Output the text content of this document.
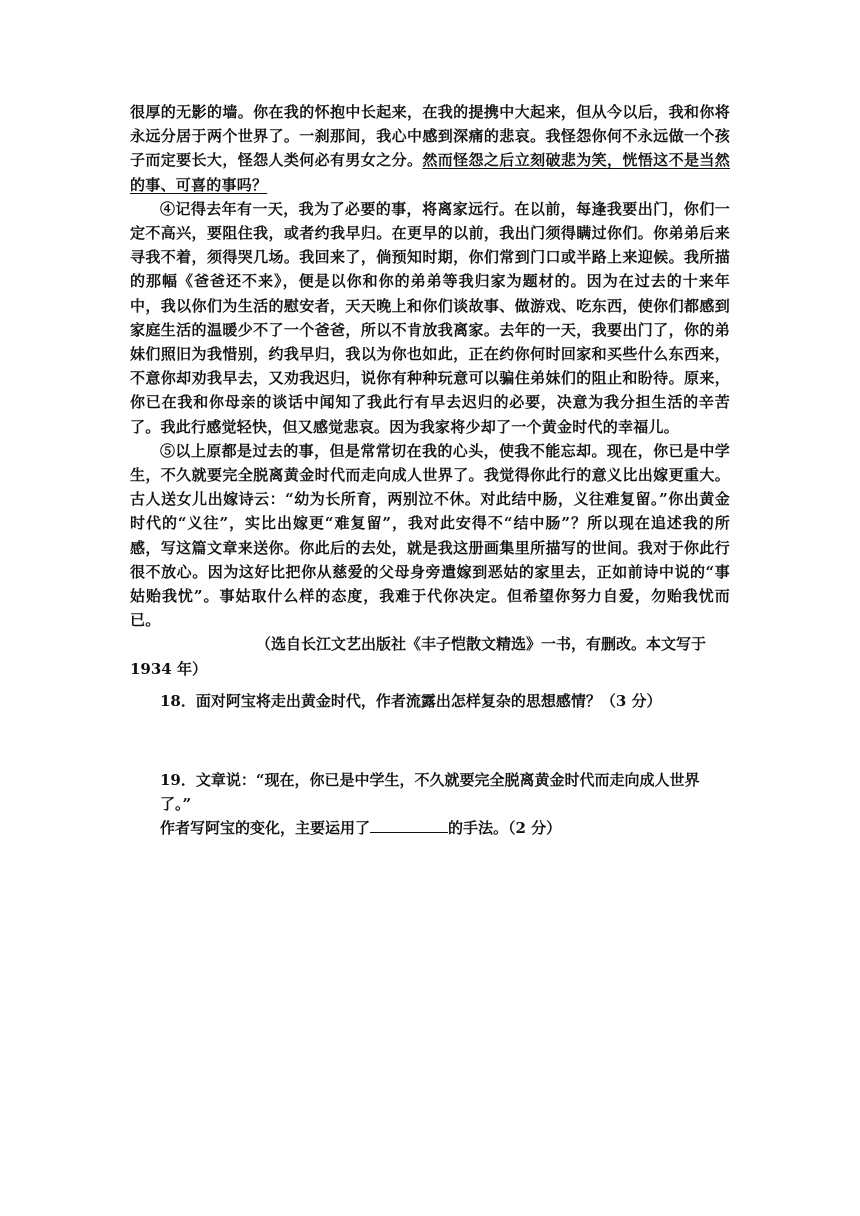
很厚的无影的墙。你在我的怀抱中长起来，在我的提携中大起来，但从今以后，我和你将永远分居于两个世界了。一刹那间，我心中感到深痛的悲哀。我怪怨你何不永远做一个孩子而定要长大，怪怨人类何必有男女之分。然而怪怨之后立刻破悲为笑，恍悟这不是当然的事、可喜的事吗？

④记得去年有一天，我为了必要的事，将离家远行。在以前，每逢我要出门，你们一定不高兴，要阻住我，或者约我早归。在更早的以前，我出门须得瞒过你们。你弟弟后来寻我不着，须得哭几场。我回来了，倘预知时期，你们常到门口或半路上来迎候。我所描的那幅《爸爸还不来》，便是以你和你的弟弟等我归家为题材的。因为在过去的十来年中，我以你们为生活的慰安者，天天晚上和你们谈故事、做游戏、吃东西，使你们都感到家庭生活的温暖少不了一个爸爸，所以不肯放我离家。去年的一天，我要出门了，你的弟妹们照旧为我惜别，约我早归，我以为你也如此，正在约你何时回家和买些什么东西来，不意你却劝我早去，又劝我迟归，说你有种种玩意可以骗住弟妹们的阻止和盼待。原来，你已在我和你母亲的谈话中闻知了我此行有早去迟归的必要，决意为我分担生活的辛苦了。我此行感觉轻快，但又感觉悲哀。因为我家将少却了一个黄金时代的幸福儿。

⑤以上原都是过去的事，但是常常切在我的心头，使我不能忘却。现在，你已是中学生，不久就要完全脱离黄金时代而走向成人世界了。我觉得你此行的意义比出嫁更重大。古人送女儿出嫁诗云：“幼为长所育，两别泣不休。对此结中肠，义往难复留。”你出黄金时代的“义往”，实比出嫁更“难复留”，我对此安得不“结中肠”？所以现在追述我的所感，写这篇文章来送你。你此后的去处，就是我这册画集里所描写的世间。我对于你此行很不放心。因为这好比把你从慈爱的父母身旁遣嫁到恶姑的家里去，正如前诗中说的“事姑贻我忧”。事姑取什么样的态度，我难于代你决定。但希望你努力自爱，勿贻我忧而已。

（选自长江文艺出版社《丰子恺散文精选》一书，有删改。本文写于 1934 年）

18．面对阿宝将走出黄金时代，作者流露出怎样复杂的思想感情？（3 分）

19．文章说：“现在，你已是中学生，不久就要完全脱离黄金时代而走向成人世界了。”

作者写阿宝的变化，主要运用了	的手法。（2 分）
